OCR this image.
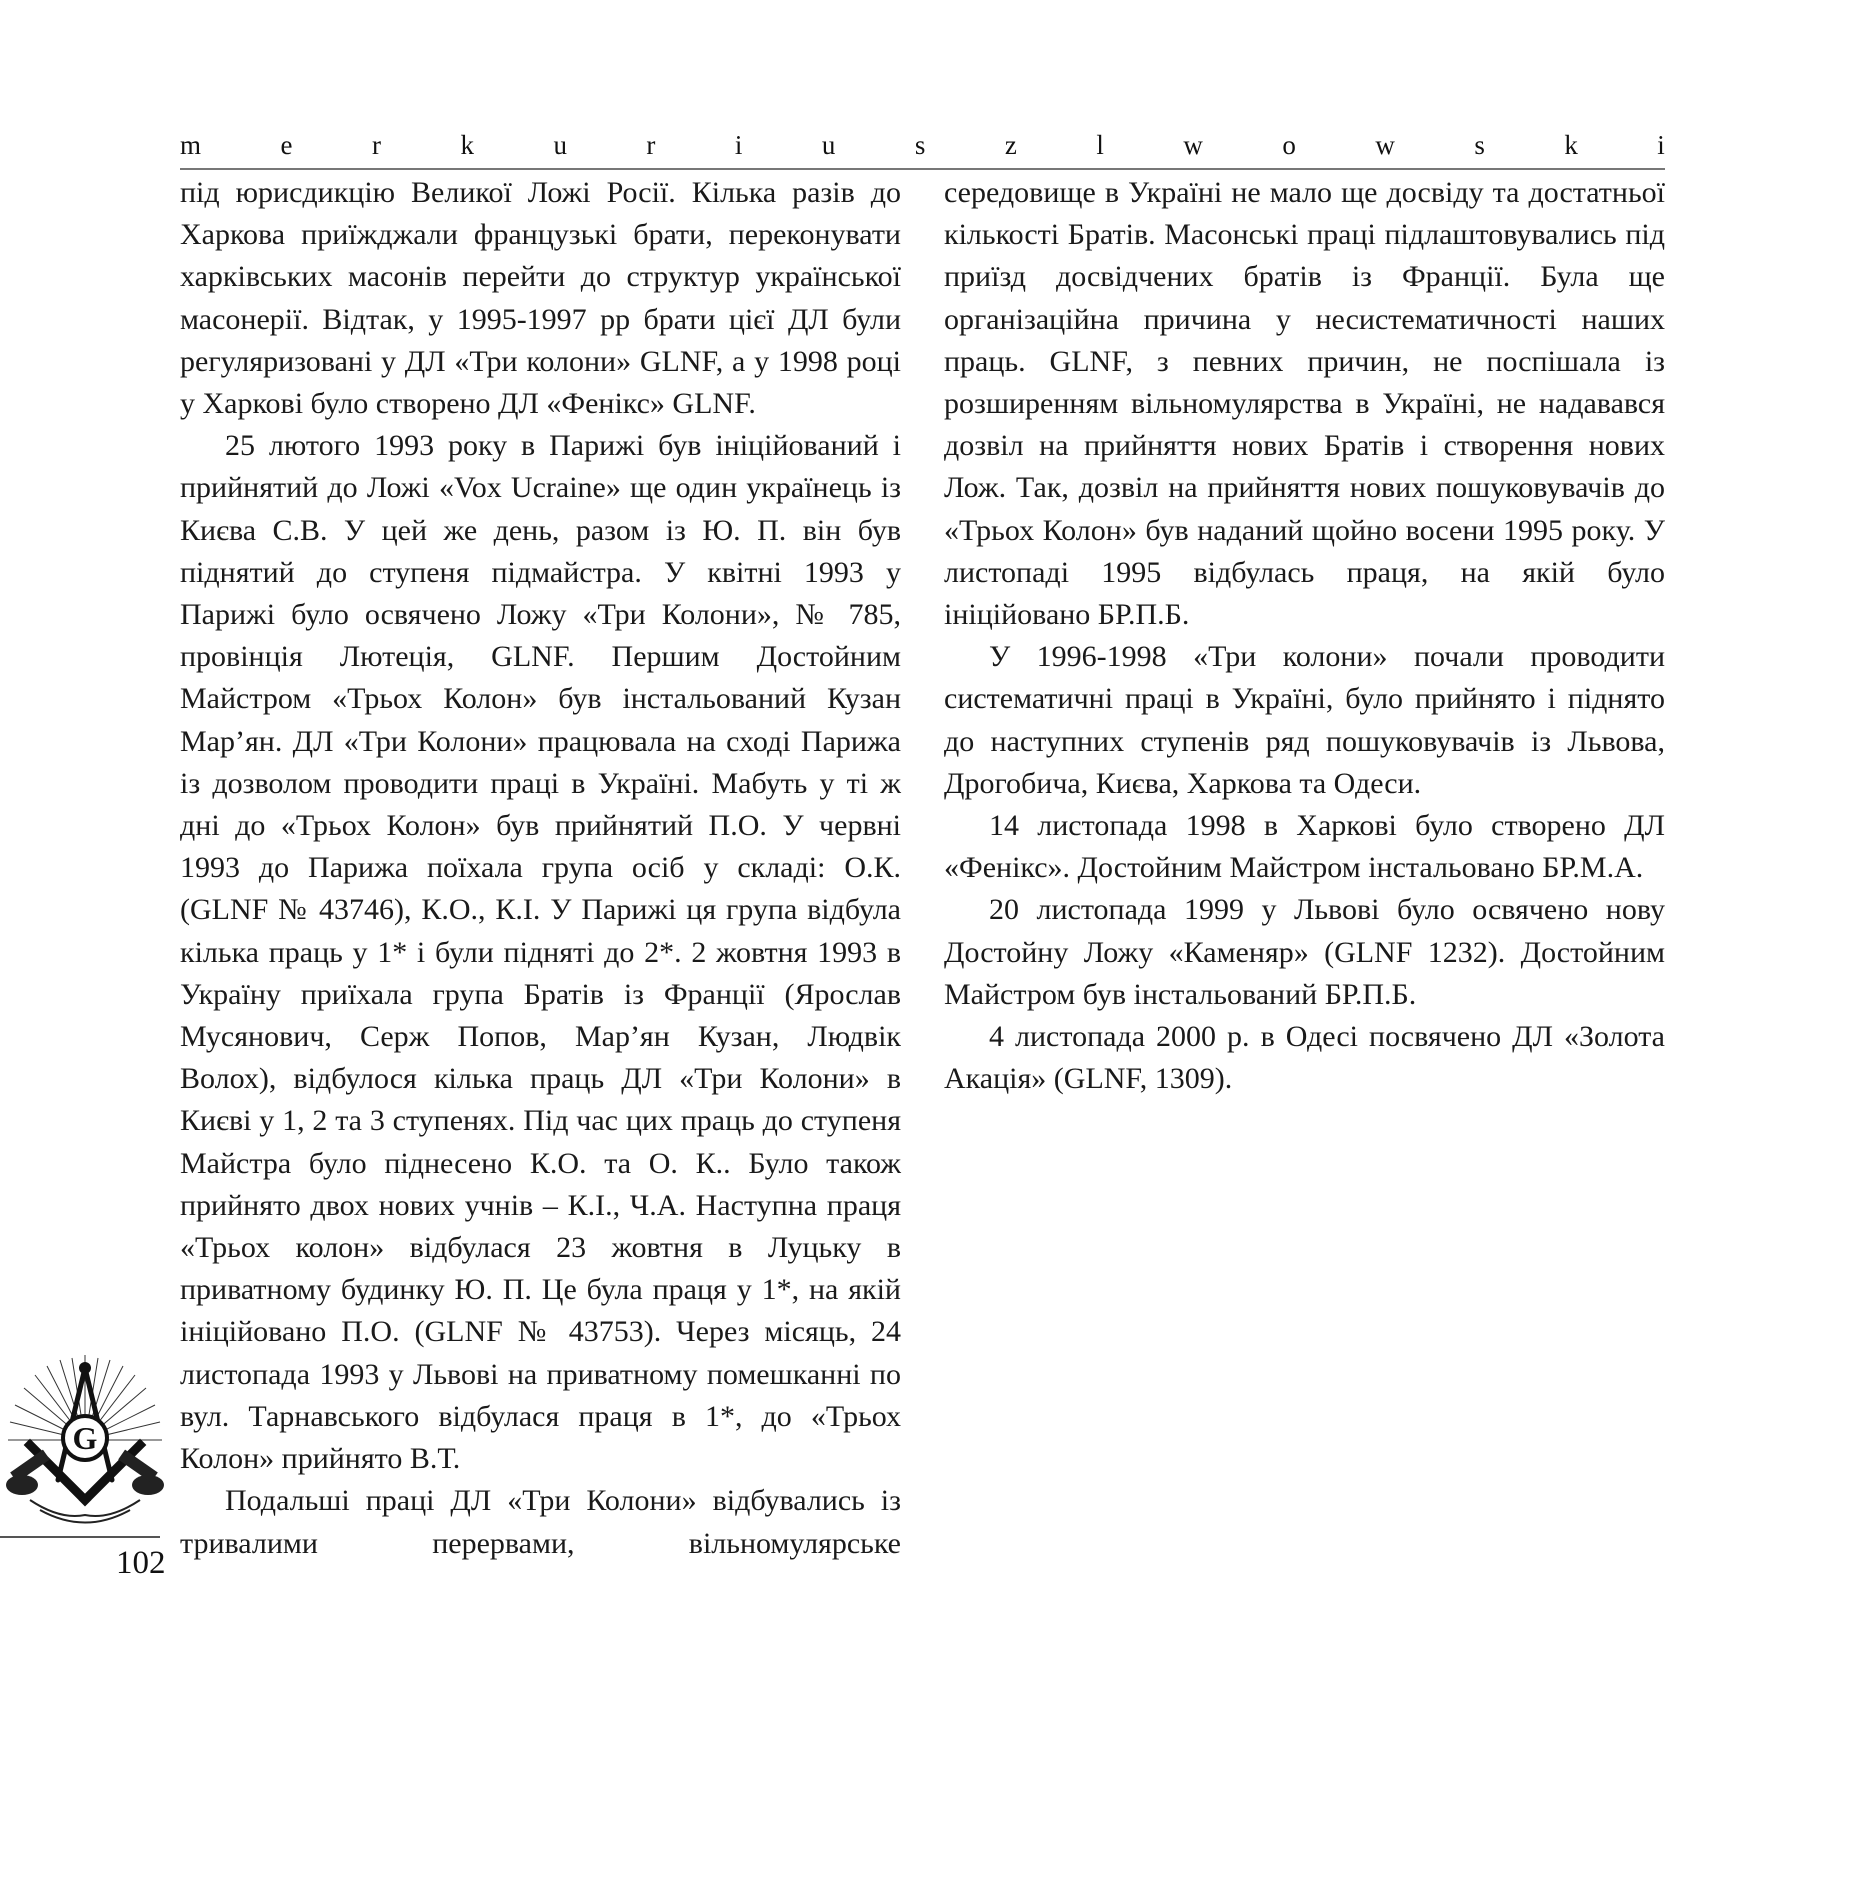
m	e	r	k	u	r	i	u	s	z	l	w	o	w	s	k	i

під юрисдикцію Великої Ложі Росії. Кілька разів до Харкова приїжджали французькі брати, переконувати харківських масонів перейти до структур української масонерії. Відтак, у 1995-1997 рр брати цієї ДЛ були регуляризовані у ДЛ «Три колони» GLNF, а у 1998 році у Харкові було створено ДЛ «Фенікс» GLNF.

25 лютого 1993 року в Парижі був ініційований і прийнятий до Ложі «Vox Ucraine» ще один українець із Києва С.В. У цей же день, разом із Ю. П. він був піднятий до ступеня підмайстра. У квітні 1993 у Парижі було освячено Ложу «Три Колони», № 785, провінція Лютеція, GLNF. Першим Достойним Майстром «Трьох Колон» був інстальований Кузан Мар’ян. ДЛ «Три Колони» працювала на сході Парижа із дозволом проводити праці в Україні. Мабуть у ті ж дні до «Трьох Колон» був прийнятий П.О. У червні 1993 до Парижа поїхала група осіб у складі: О.К. (GLNF № 43746), К.О., К.І. У Парижі ця група відбула кілька праць у 1* і були підняті до 2*. 2 жовтня 1993 в Україну приїхала група Братів із Франції (Ярослав Мусянович, Серж Попов, Мар’ян Кузан, Людвік Волох), відбулося кілька праць ДЛ «Три Колони» в Києві у 1, 2 та 3 ступенях. Під час цих праць до ступеня Майстра було піднесено К.О. та О. К.. Було також прийнято двох нових учнів – К.І., Ч.А. Наступна праця «Трьох колон» відбулася 23 жовтня в Луцьку в приватному будинку Ю. П. Це була праця у 1*, на якій ініційовано П.О. (GLNF № 43753). Через місяць, 24 листопада 1993 у Львові на приватному помешканні по вул. Тарнавського відбулася праця в 1*, до «Трьох Колон» прийнято В.Т.

Подальші праці ДЛ «Три Колони» відбувались із тривалими перервами, вільномулярське

середовище в Україні не мало ще досвіду та достатньої кількості Братів. Масонські праці підлаштовувались під приїзд досвідчених братів із Франції. Була ще організаційна причина у несистематичності наших праць. GLNF, з певних причин, не поспішала із розширенням вільномулярства в Україні, не надавався дозвіл на прийняття нових Братів і створення нових Лож. Так, дозвіл на прийняття нових пошуковувачів до «Трьох Колон» був наданий щойно восени 1995 року. У листопаді 1995 відбулась праця, на якій було ініційовано БР.П.Б.

У 1996-1998 «Три колони» почали проводити систематичні праці в Україні, було прийнято і піднято до наступних ступенів ряд пошуковувачів із Львова, Дрогобича, Києва, Харкова та Одеси.

14 листопада 1998 в Харкові було створено ДЛ «Фенікс». Достойним Майстром інстальовано БР.М.А.

20 листопада 1999 у Львові було освячено нову Достойну Ложу «Каменяр» (GLNF 1232). Достойним Майстром був інстальований БР.П.Б.

4 листопада 2000 р. в Одесі посвячено ДЛ «Золота Акація» (GLNF, 1309).

G
102
